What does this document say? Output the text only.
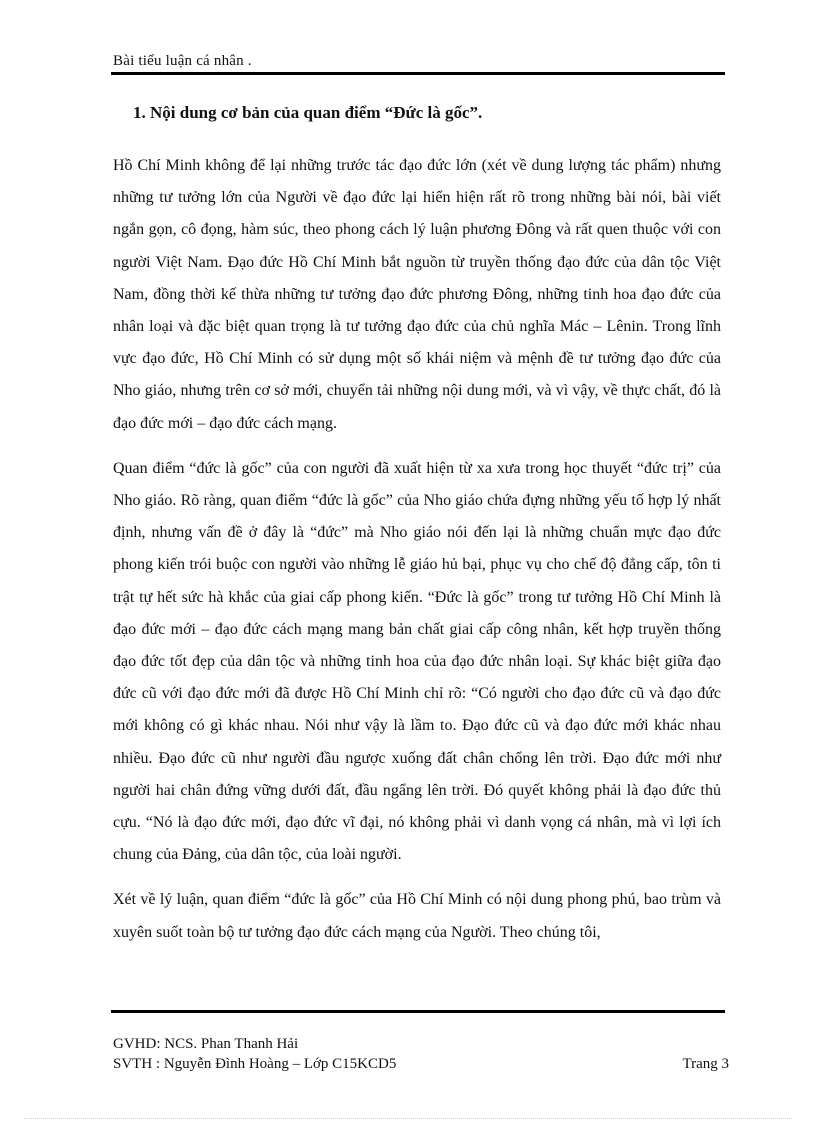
Bài tiểu luận cá nhân .
1. Nội dung cơ bản của quan điểm “Đức là gốc”.

Hồ Chí Minh không để lại những trước tác đạo đức lớn (xét về dung lượng tác phẩm) nhưng những tư tưởng lớn của Người về đạo đức lại hiển hiện rất rõ trong những bài nói, bài viết ngắn gọn, cô đọng, hàm súc, theo phong cách lý luận phương Đông và rất quen thuộc với con người Việt Nam. Đạo đức Hồ Chí Minh bắt nguồn từ truyền thống đạo đức của dân tộc Việt Nam, đồng thời kế thừa những tư tưởng đạo đức phương Đông, những tinh hoa đạo đức của nhân loại và đặc biệt quan trọng là tư tưởng đạo đức của chủ nghĩa Mác – Lênin. Trong lĩnh vực đạo đức, Hồ Chí Minh có sử dụng một số khái niệm và mệnh đề tư tưởng đạo đức của Nho giáo, nhưng trên cơ sở mới, chuyển tải những nội dung mới, và vì vậy, về thực chất, đó là đạo đức mới – đạo đức cách mạng.

Quan điểm “đức là gốc” của con người đã xuất hiện từ xa xưa trong học thuyết “đức trị” của Nho giáo. Rõ ràng, quan điểm “đức là gốc” của Nho giáo chứa đựng những yếu tố hợp lý nhất định, nhưng vấn đề ở đây là “đức” mà Nho giáo nói đến lại là những chuẩn mực đạo đức phong kiến trói buộc con người vào những lễ giáo hủ bại, phục vụ cho chế độ đẳng cấp, tôn ti trật tự hết sức hà khắc của giai cấp phong kiến. “Đức là gốc” trong tư tưởng Hồ Chí Minh là đạo đức mới – đạo đức cách mạng mang bản chất giai cấp công nhân, kết hợp truyền thống đạo đức tốt đẹp của dân tộc và những tinh hoa của đạo đức nhân loại. Sự khác biệt giữa đạo đức cũ với đạo đức mới đã được Hồ Chí Minh chỉ rõ: “Có người cho đạo đức cũ và đạo đức mới không có gì khác nhau. Nói như vậy là lầm to. Đạo đức cũ và đạo đức mới khác nhau nhiều. Đạo đức cũ như người đầu ngược xuống đất chân chổng lên trời. Đạo đức mới như người hai chân đứng vững dưới đất, đầu ngẩng lên trời. Đó quyết không phải là đạo đức thủ cựu. “Nó là đạo đức mới, đạo đức vĩ đại, nó không phải vì danh vọng cá nhân, mà vì lợi ích chung của Đảng, của dân tộc, của loài người.

Xét về lý luận, quan điểm “đức là gốc” của Hồ Chí Minh có nội dung phong phú, bao trùm và xuyên suốt toàn bộ tư tưởng đạo đức cách mạng của Người. Theo chúng tôi,

GVHD: NCS. Phan Thanh Hải
SVTH : Nguyễn Đình Hoàng – Lớp C15KCD5	Trang 3
